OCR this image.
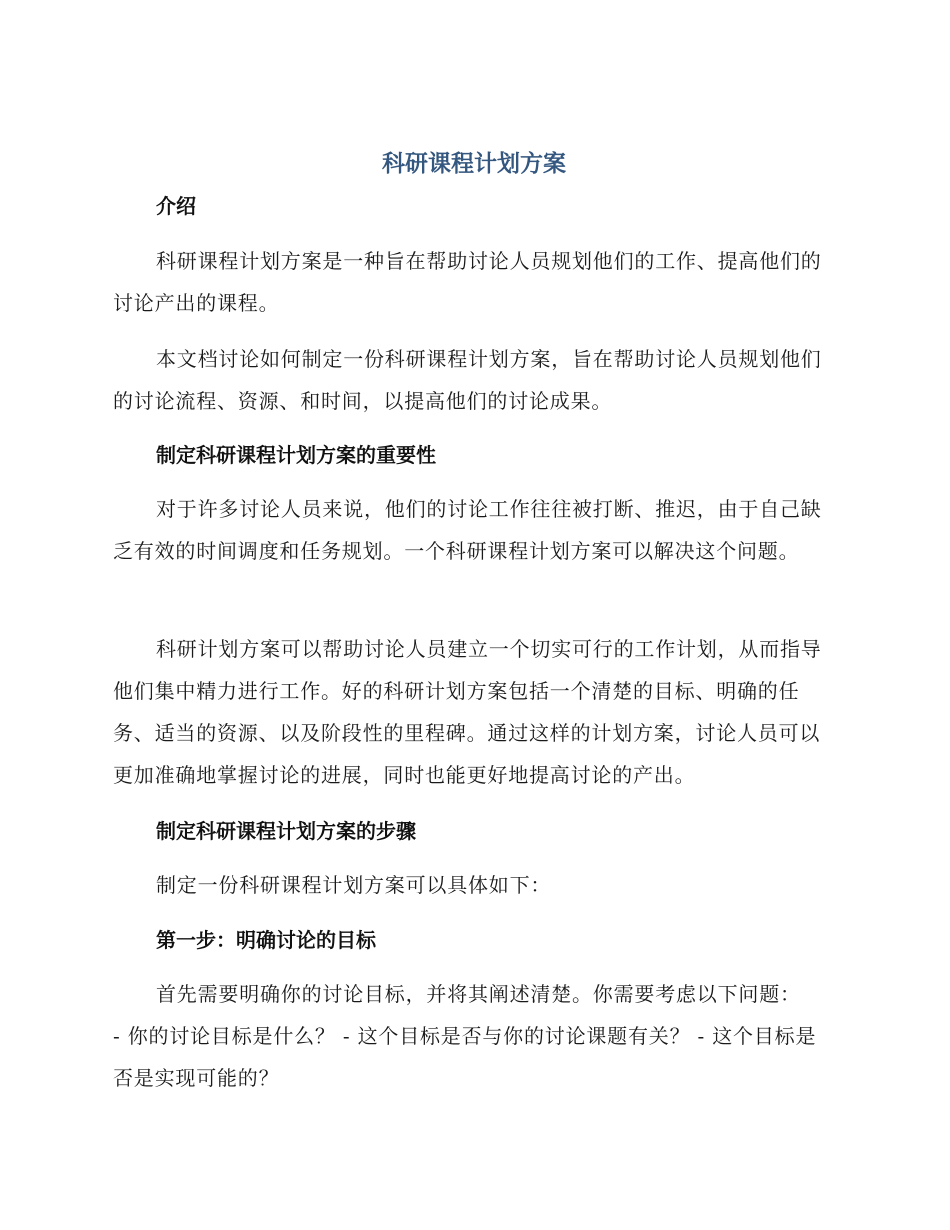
科研课程计划方案
介绍

科研课程计划方案是一种旨在帮助讨论人员规划他们的工作、提高他们的讨论产出的课程。

本文档讨论如何制定一份科研课程计划方案，旨在帮助讨论人员规划他们的讨论流程、资源、和时间，以提高他们的讨论成果。

制定科研课程计划方案的重要性

对于许多讨论人员来说，他们的讨论工作往往被打断、推迟，由于自己缺乏有效的时间调度和任务规划。一个科研课程计划方案可以解决这个问题。

科研计划方案可以帮助讨论人员建立一个切实可行的工作计划，从而指导他们集中精力进行工作。好的科研计划方案包括一个清楚的目标、明确的任务、适当的资源、以及阶段性的里程碑。通过这样的计划方案，讨论人员可以更加准确地掌握讨论的进展，同时也能更好地提高讨论的产出。

制定科研课程计划方案的步骤

制定一份科研课程计划方案可以具体如下：

第一步：明确讨论的目标

首先需要明确你的讨论目标，并将其阐述清楚。你需要考虑以下问题：

- 你的讨论目标是什么？ - 这个目标是否与你的讨论课题有关？ - 这个目标是否是实现可能的？
